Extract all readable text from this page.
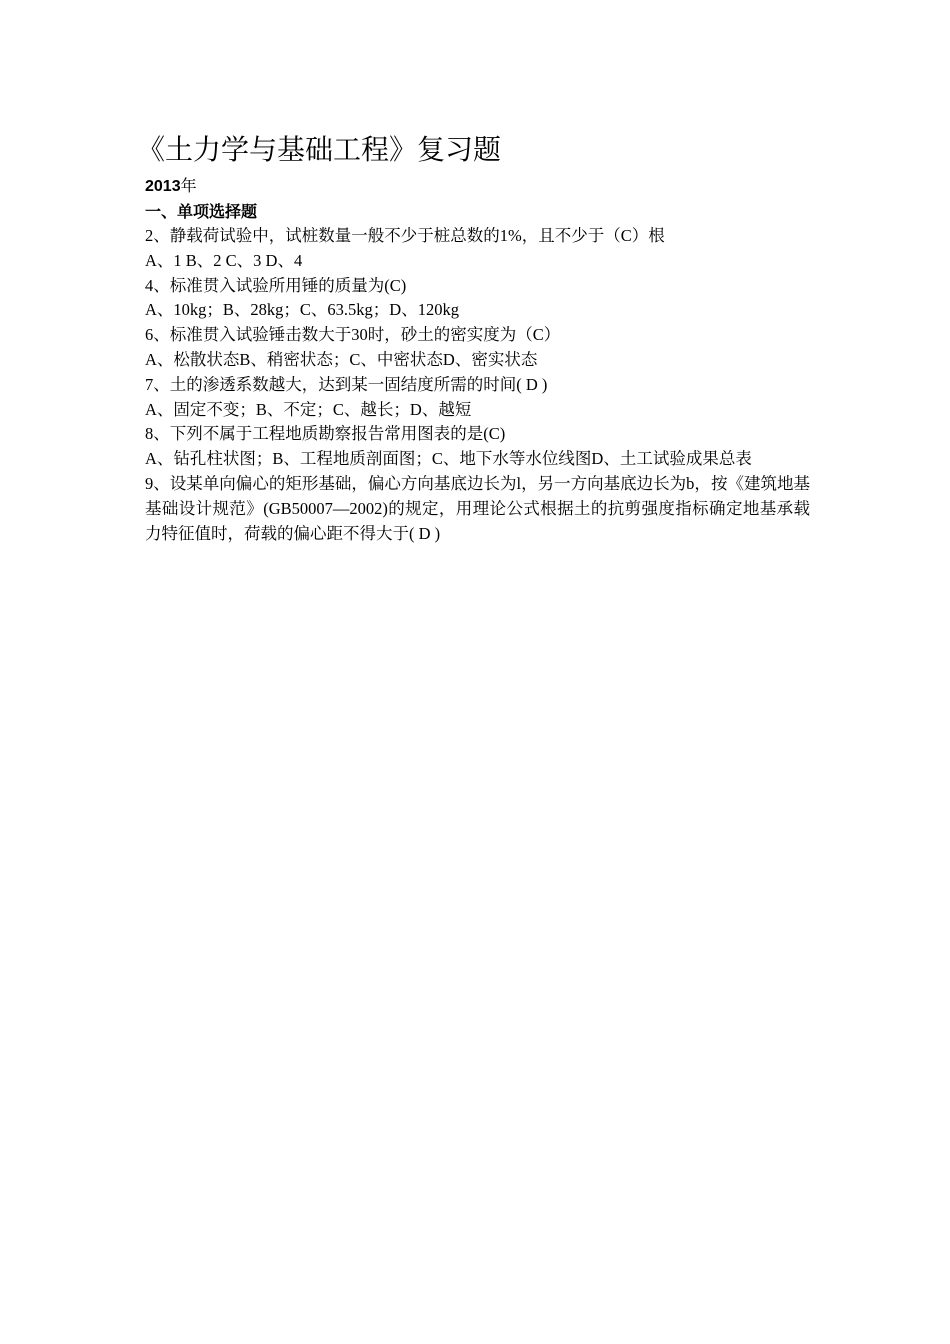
《土力学与基础工程》复习题
2013年
一、单项选择题
2、静载荷试验中，试桩数量一般不少于桩总数的1%，且不少于（C）根
A、1 B、2 C、3 D、4
4、标准贯入试验所用锤的质量为(C)
A、10kg；B、28kg；C、63.5kg；D、120kg
6、标准贯入试验锤击数大于30时，砂土的密实度为（C）
A、松散状态B、稍密状态；C、中密状态D、密实状态
7、土的渗透系数越大，达到某一固结度所需的时间( D )
A、固定不变；B、不定；C、越长；D、越短
8、下列不属于工程地质勘察报告常用图表的是(C)
A、钻孔柱状图；B、工程地质剖面图；C、地下水等水位线图D、土工试验成果总表
9、设某单向偏心的矩形基础，偏心方向基底边长为l，另一方向基底边长为b，按《建筑地基基础设计规范》(GB50007—2002)的规定，用理论公式根据土的抗剪强度指标确定地基承载力特征值时，荷载的偏心距不得大于( D )
